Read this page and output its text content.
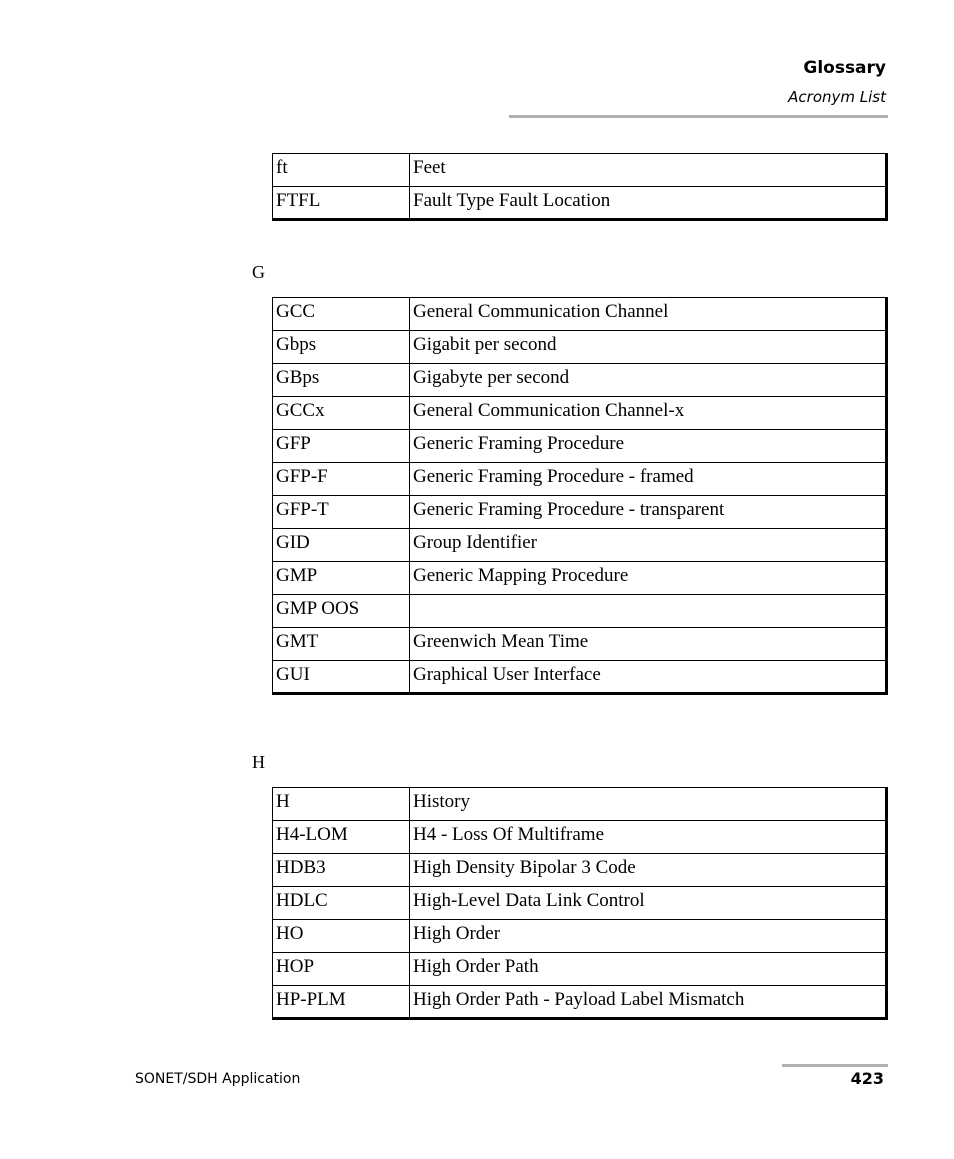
Glossary
Acronym List
ft	Feet
FTFL	Fault Type Fault Location
G
GCC	General Communication Channel
Gbps	Gigabit per second
GBps	Gigabyte per second
GCCx	General Communication Channel-x
GFP	Generic Framing Procedure
GFP-F	Generic Framing Procedure - framed
GFP-T	Generic Framing Procedure - transparent
GID	Group Identifier
GMP	Generic Mapping Procedure
GMP OOS	
GMT	Greenwich Mean Time
GUI	Graphical User Interface
H
H	History
H4-LOM	H4 - Loss Of Multiframe
HDB3	High Density Bipolar 3 Code
HDLC	High-Level Data Link Control
HO	High Order
HOP	High Order Path
HP-PLM	High Order Path - Payload Label Mismatch
SONET/SDH Application	423
